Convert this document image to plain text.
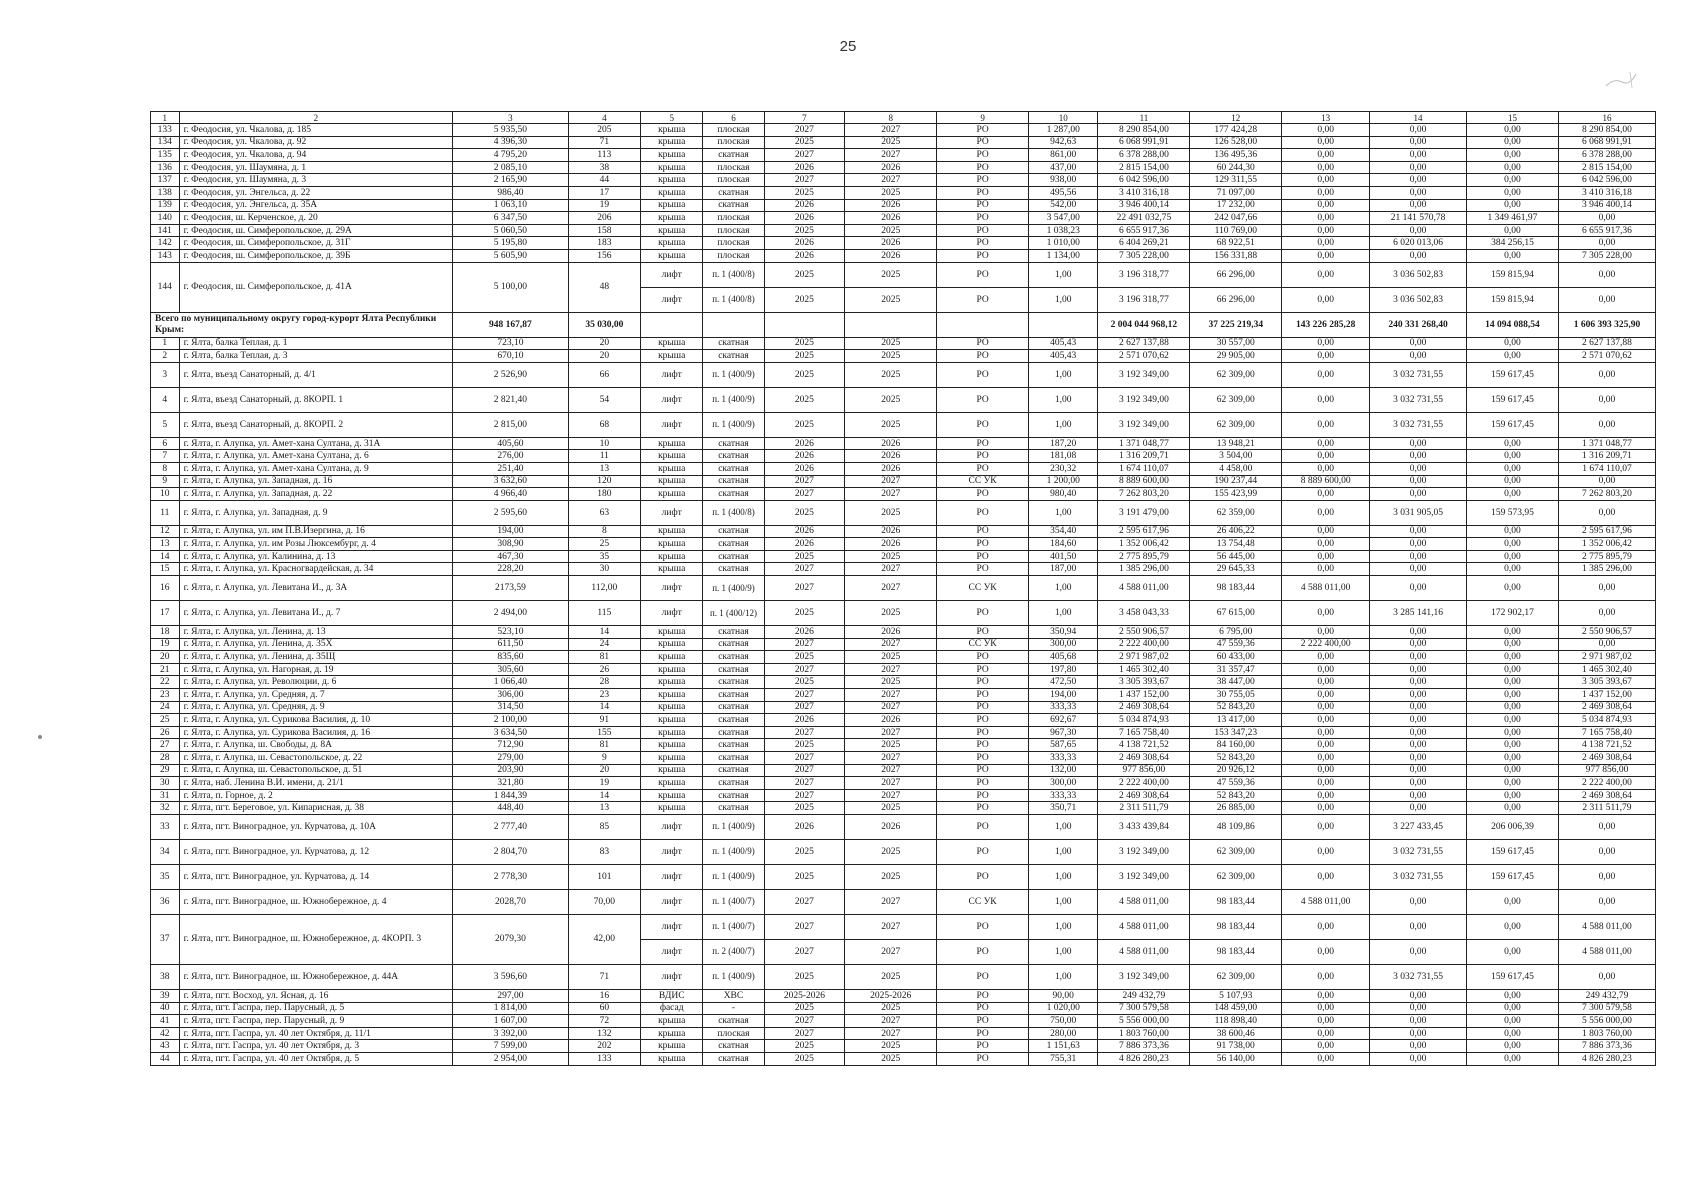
25
1	2	3	4	5	6	7	8	9	10	11	12	13	14	15	16
133	г. Феодосия, ул. Чкалова, д. 185	5 935,50	205	крыша	плоская	2027	2027	РО	1 287,00	8 290 854,00	177 424,28	0,00	0,00	0,00	8 290 854,00
134	г. Феодосия, ул. Чкалова, д. 92	4 396,30	71	крыша	плоская	2025	2025	РО	942,63	6 068 991,91	126 528,00	0,00	0,00	0,00	6 068 991,91
135	г. Феодосия, ул. Чкалова, д. 94	4 795,20	113	крыша	скатная	2027	2027	РО	861,00	6 378 288,00	136 495,36	0,00	0,00	0,00	6 378 288,00
136	г. Феодосия, ул. Шаумяна, д. 1	2 085,10	38	крыша	плоская	2026	2026	РО	437,00	2 815 154,00	60 244,30	0,00	0,00	0,00	2 815 154,00
137	г. Феодосия, ул. Шаумяна, д. 3	2 165,90	44	крыша	плоская	2027	2027	РО	938,00	6 042 596,00	129 311,55	0,00	0,00	0,00	6 042 596,00
138	г. Феодосия, ул. Энгельса, д. 22	986,40	17	крыша	скатная	2025	2025	РО	495,56	3 410 316,18	71 097,00	0,00	0,00	0,00	3 410 316,18
139	г. Феодосия, ул. Энгельса, д. 35А	1 063,10	19	крыша	скатная	2026	2026	РО	542,00	3 946 400,14	17 232,00	0,00	0,00	0,00	3 946 400,14
140	г. Феодосия, ш. Керченское, д. 20	6 347,50	206	крыша	плоская	2026	2026	РО	3 547,00	22 491 032,75	242 047,66	0,00	21 141 570,78	1 349 461,97	0,00
141	г. Феодосия, ш. Симферопольское, д. 29А	5 060,50	158	крыша	плоская	2025	2025	РО	1 038,23	6 655 917,36	110 769,00	0,00	0,00	0,00	6 655 917,36
142	г. Феодосия, ш. Симферопольское, д. 31Г	5 195,80	183	крыша	плоская	2026	2026	РО	1 010,00	6 404 269,21	68 922,51	0,00	6 020 013,06	384 256,15	0,00
143	г. Феодосия, ш. Симферопольское, д. 39Б	5 605,90	156	крыша	плоская	2026	2026	РО	1 134,00	7 305 228,00	156 331,88	0,00	0,00	0,00	7 305 228,00
144	г. Феодосия, ш. Симферопольское, д. 41А	5 100,00	48	лифт	п. 1 (400/8)	2025	2025	РО	1,00	3 196 318,77	66 296,00	0,00	3 036 502,83	159 815,94	0,00
				лифт	п. 1 (400/8)	2025	2025	РО	1,00	3 196 318,77	66 296,00	0,00	3 036 502,83	159 815,94	0,00
Всего по муниципальному округу город-курорт Ялта Республики Крым:		948 167,87	35 030,00							2 004 044 968,12	37 225 219,34	143 226 285,28	240 331 268,40	14 094 088,54	1 606 393 325,90
1	г. Ялта, балка Теплая, д. 1	723,10	20	крыша	скатная	2025	2025	РО	405,43	2 627 137,88	30 557,00	0,00	0,00	0,00	2 627 137,88
2	г. Ялта, балка Теплая, д. 3	670,10	20	крыша	скатная	2025	2025	РО	405,43	2 571 070,62	29 905,00	0,00	0,00	0,00	2 571 070,62
3	г. Ялта, въезд Санаторный, д. 4/1	2 526,90	66	лифт	п. 1 (400/9)	2025	2025	РО	1,00	3 192 349,00	62 309,00	0,00	3 032 731,55	159 617,45	0,00
4	г. Ялта, въезд Санаторный, д. 8КОРП. 1	2 821,40	54	лифт	п. 1 (400/9)	2025	2025	РО	1,00	3 192 349,00	62 309,00	0,00	3 032 731,55	159 617,45	0,00
5	г. Ялта, въезд Санаторный, д. 8КОРП. 2	2 815,00	68	лифт	п. 1 (400/9)	2025	2025	РО	1,00	3 192 349,00	62 309,00	0,00	3 032 731,55	159 617,45	0,00
6	г. Ялта, г. Алупка, ул. Амет-хана Султана, д. 31А	405,60	10	крыша	скатная	2026	2026	РО	187,20	1 371 048,77	13 948,21	0,00	0,00	0,00	1 371 048,77
7	г. Ялта, г. Алупка, ул. Амет-хана Султана, д. 6	276,00	11	крыша	скатная	2026	2026	РО	181,08	1 316 209,71	3 504,00	0,00	0,00	0,00	1 316 209,71
8	г. Ялта, г. Алупка, ул. Амет-хана Султана, д. 9	251,40	13	крыша	скатная	2026	2026	РО	230,32	1 674 110,07	4 458,00	0,00	0,00	0,00	1 674 110,07
9	г. Ялта, г. Алупка, ул. Западная, д. 16	3 632,60	120	крыша	скатная	2027	2027	СС УК	1 200,00	8 889 600,00	190 237,44	8 889 600,00	0,00	0,00	0,00
10	г. Ялта, г. Алупка, ул. Западная, д. 22	4 966,40	180	крыша	скатная	2027	2027	РО	980,40	7 262 803,20	155 423,99	0,00	0,00	0,00	7 262 803,20
11	г. Ялта, г. Алупка, ул. Западная, д. 9	2 595,60	63	лифт	п. 1 (400/8)	2025	2025	РО	1,00	3 191 479,00	62 359,00	0,00	3 031 905,05	159 573,95	0,00
12	г. Ялта, г. Алупка, ул. им П.В.Изергина, д. 16	194,00	8	крыша	скатная	2026	2026	РО	354,40	2 595 617,96	26 406,22	0,00	0,00	0,00	2 595 617,96
13	г. Ялта, г. Алупка, ул. им Розы Люксембург, д. 4	308,90	25	крыша	скатная	2026	2026	РО	184,60	1 352 006,42	13 754,48	0,00	0,00	0,00	1 352 006,42
14	г. Ялта, г. Алупка, ул. Калинина, д. 13	467,30	35	крыша	скатная	2025	2025	РО	401,50	2 775 895,79	56 445,00	0,00	0,00	0,00	2 775 895,79
15	г. Ялта, г. Алупка, ул. Красногвардейская, д. 34	228,20	30	крыша	скатная	2027	2027	РО	187,00	1 385 296,00	29 645,33	0,00	0,00	0,00	1 385 296,00
16	г. Ялта, г. Алупка, ул. Левитана И., д. 3А	2173,59	112,00	лифт	п. 1 (400/9)	2027	2027	СС УК	1,00	4 588 011,00	98 183,44	4 588 011,00	0,00	0,00	0,00
17	г. Ялта, г. Алупка, ул. Левитана И., д. 7	2 494,00	115	лифт	п. 1 (400/12)	2025	2025	РО	1,00	3 458 043,33	67 615,00	0,00	3 285 141,16	172 902,17	0,00
18	г. Ялта, г. Алупка, ул. Ленина, д. 13	523,10	14	крыша	скатная	2026	2026	РО	350,94	2 550 906,57	6 795,00	0,00	0,00	0,00	2 550 906,57
19	г. Ялта, г. Алупка, ул. Ленина, д. 35Х	611,50	24	крыша	скатная	2027	2027	СС УК	300,00	2 222 400,00	47 559,36	2 222 400,00	0,00	0,00	0,00
20	г. Ялта, г. Алупка, ул. Ленина, д. 35Щ	835,60	81	крыша	скатная	2025	2025	РО	405,68	2 971 987,02	60 433,00	0,00	0,00	0,00	2 971 987,02
21	г. Ялта, г. Алупка, ул. Нагорная, д. 19	305,60	26	крыша	скатная	2027	2027	РО	197,80	1 465 302,40	31 357,47	0,00	0,00	0,00	1 465 302,40
22	г. Ялта, г. Алупка, ул. Революции, д. 6	1 066,40	28	крыша	скатная	2025	2025	РО	472,50	3 305 393,67	38 447,00	0,00	0,00	0,00	3 305 393,67
23	г. Ялта, г. Алупка, ул. Средняя, д. 7	306,00	23	крыша	скатная	2027	2027	РО	194,00	1 437 152,00	30 755,05	0,00	0,00	0,00	1 437 152,00
24	г. Ялта, г. Алупка, ул. Средняя, д. 9	314,50	14	крыша	скатная	2027	2027	РО	333,33	2 469 308,64	52 843,20	0,00	0,00	0,00	2 469 308,64
25	г. Ялта, г. Алупка, ул. Сурикова Василия, д. 10	2 100,00	91	крыша	скатная	2026	2026	РО	692,67	5 034 874,93	13 417,00	0,00	0,00	0,00	5 034 874,93
26	г. Ялта, г. Алупка, ул. Сурикова Василия, д. 16	3 634,50	155	крыша	скатная	2027	2027	РО	967,30	7 165 758,40	153 347,23	0,00	0,00	0,00	7 165 758,40
27	г. Ялта, г. Алупка, ш. Свободы, д. 8А	712,90	81	крыша	скатная	2025	2025	РО	587,65	4 138 721,52	84 160,00	0,00	0,00	0,00	4 138 721,52
28	г. Ялта, г. Алупка, ш. Севастопольское, д. 22	279,00	9	крыша	скатная	2027	2027	РО	333,33	2 469 308,64	52 843,20	0,00	0,00	0,00	2 469 308,64
29	г. Ялта, г. Алупка, ш. Севастопольское, д. 51	203,90	20	крыша	скатная	2027	2027	РО	132,00	977 856,00	20 926,12	0,00	0,00	0,00	977 856,00
30	г. Ялта, наб. Ленина В.И. имени, д. 21/1	321,80	19	крыша	скатная	2027	2027	РО	300,00	2 222 400,00	47 559,36	0,00	0,00	0,00	2 222 400,00
31	г. Ялта, п. Горное, д. 2	1 844,39	14	крыша	скатная	2027	2027	РО	333,33	2 469 308,64	52 843,20	0,00	0,00	0,00	2 469 308,64
32	г. Ялта, пгт. Береговое, ул. Кипарисная, д. 38	448,40	13	крыша	скатная	2025	2025	РО	350,71	2 311 511,79	26 885,00	0,00	0,00	0,00	2 311 511,79
33	г. Ялта, пгт. Виноградное, ул. Курчатова, д. 10А	2 777,40	85	лифт	п. 1 (400/9)	2026	2026	РО	1,00	3 433 439,84	48 109,86	0,00	3 227 433,45	206 006,39	0,00
34	г. Ялта, пгт. Виноградное, ул. Курчатова, д. 12	2 804,70	83	лифт	п. 1 (400/9)	2025	2025	РО	1,00	3 192 349,00	62 309,00	0,00	3 032 731,55	159 617,45	0,00
35	г. Ялта, пгт. Виноградное, ул. Курчатова, д. 14	2 778,30	101	лифт	п. 1 (400/9)	2025	2025	РО	1,00	3 192 349,00	62 309,00	0,00	3 032 731,55	159 617,45	0,00
36	г. Ялта, пгт. Виноградное, ш. Южнобережное, д. 4	2028,70	70,00	лифт	п. 1 (400/7)	2027	2027	СС УК	1,00	4 588 011,00	98 183,44	4 588 011,00	0,00	0,00	0,00
37	г. Ялта, пгт. Виноградное, ш. Южнобережное, д. 4КОРП. 3	2079,30	42,00	лифт	п. 1 (400/7)	2027	2027	РО	1,00	4 588 011,00	98 183,44	0,00	0,00	0,00	4 588 011,00
				лифт	п. 2 (400/7)	2027	2027	РО	1,00	4 588 011,00	98 183,44	0,00	0,00	0,00	4 588 011,00
38	г. Ялта, пгт. Виноградное, ш. Южнобережное, д. 44А	3 596,60	71	лифт	п. 1 (400/9)	2025	2025	РО	1,00	3 192 349,00	62 309,00	0,00	3 032 731,55	159 617,45	0,00
39	г. Ялта, пгт. Восход, ул. Ясная, д. 16	297,00	16	ВДИС	ХВС	2025-2026	2025-2026	РО	90,00	249 432,79	5 107,93	0,00	0,00	0,00	249 432,79
40	г. Ялта, пгт. Гаспра, пер. Парусный, д. 5	1 814,00	60	фасад	-	2025	2025	РО	1 020,00	7 300 579,58	148 459,00	0,00	0,00	0,00	7 300 579,58
41	г. Ялта, пгт. Гаспра, пер. Парусный, д. 9	1 607,00	72	крыша	скатная	2027	2027	РО	750,00	5 556 000,00	118 898,40	0,00	0,00	0,00	5 556 000,00
42	г. Ялта, пгт. Гаспра, ул. 40 лет Октября, д. 11/1	3 392,00	132	крыша	плоская	2027	2027	РО	280,00	1 803 760,00	38 600,46	0,00	0,00	0,00	1 803 760,00
43	г. Ялта, пгт. Гаспра, ул. 40 лет Октября, д. 3	7 599,00	202	крыша	скатная	2025	2025	РО	1 151,63	7 886 373,36	91 738,00	0,00	0,00	0,00	7 886 373,36
44	г. Ялта, пгт. Гаспра, ул. 40 лет Октября, д. 5	2 954,00	133	крыша	скатная	2025	2025	РО	755,31	4 826 280,23	56 140,00	0,00	0,00	0,00	4 826 280,23
